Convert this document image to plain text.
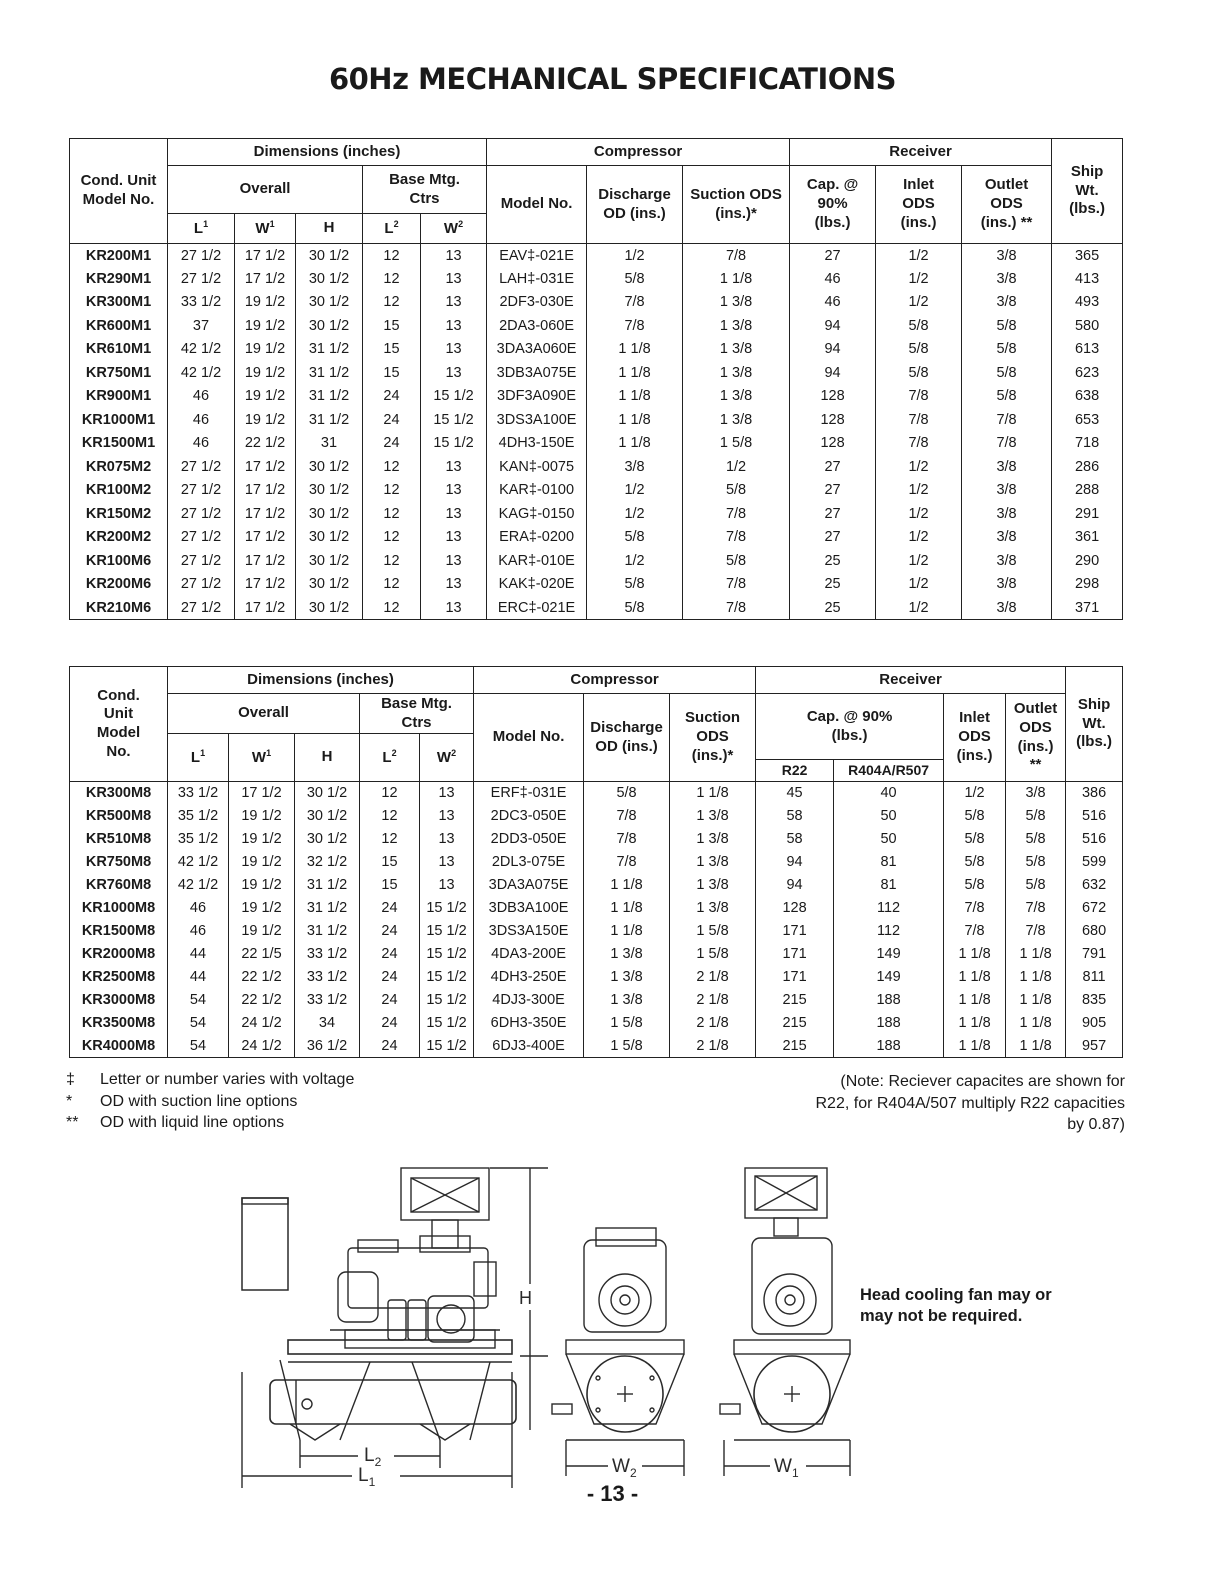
60Hz MECHANICAL SPECIFICATIONS
Cond. Unit Model No.	Dimensions (inches)					Compressor			Receiver			Ship Wt. (lbs.)
	Overall			Base Mtg. Ctrs		Model No.	Discharge OD (ins.)	Suction ODS (ins.)*	Cap. @ 90% (lbs.)	Inlet ODS (ins.)	Outlet ODS (ins.) **	
	$L^1$	$W^1$	H	$L^2$	$W^2$
KR200M1	27 1/2	17 1/2	30 1/2	12	13	EAV‡-021E	1/2	7/8	27	1/2	3/8	365
KR290M1	27 1/2	17 1/2	30 1/2	12	13	LAH‡-031E	5/8	1 1/8	46	1/2	3/8	413
KR300M1	33 1/2	19 1/2	30 1/2	12	13	2DF3-030E	7/8	1 3/8	46	1/2	3/8	493
KR600M1	37	19 1/2	30 1/2	15	13	2DA3-060E	7/8	1 3/8	94	5/8	5/8	580
KR610M1	42 1/2	19 1/2	31 1/2	15	13	3DA3A060E	1 1/8	1 3/8	94	5/8	5/8	613
KR750M1	42 1/2	19 1/2	31 1/2	15	13	3DB3A075E	1 1/8	1 3/8	94	5/8	5/8	623
KR900M1	46	19 1/2	31 1/2	24	15 1/2	3DF3A090E	1 1/8	1 3/8	128	7/8	5/8	638
KR1000M1	46	19 1/2	31 1/2	24	15 1/2	3DS3A100E	1 1/8	1 3/8	128	7/8	7/8	653
KR1500M1	46	22 1/2	31	24	15 1/2	4DH3-150E	1 1/8	1 5/8	128	7/8	7/8	718
KR075M2	27 1/2	17 1/2	30 1/2	12	13	KAN‡-0075	3/8	1/2	27	1/2	3/8	286
KR100M2	27 1/2	17 1/2	30 1/2	12	13	KAR‡-0100	1/2	5/8	27	1/2	3/8	288
KR150M2	27 1/2	17 1/2	30 1/2	12	13	KAG‡-0150	1/2	7/8	27	1/2	3/8	291
KR200M2	27 1/2	17 1/2	30 1/2	12	13	ERA‡-0200	5/8	7/8	27	1/2	3/8	361
KR100M6	27 1/2	17 1/2	30 1/2	12	13	KAR‡-010E	1/2	5/8	25	1/2	3/8	290
KR200M6	27 1/2	17 1/2	30 1/2	12	13	KAK‡-020E	5/8	7/8	25	1/2	3/8	298
KR210M6	27 1/2	17 1/2	30 1/2	12	13	ERC‡-021E	5/8	7/8	25	1/2	3/8	371
Cond. Unit Model No.	Dimensions (inches)					Compressor			Receiver				Ship Wt. (lbs.)
	Overall			Base Mtg. Ctrs		Model No.	Discharge OD (ins.)	Suction ODS (ins.)*	Cap. @ 90% (lbs.)		Inlet ODS (ins.)	Outlet ODS (ins.) **	
	$L^1$	$W^1$	H	$L^2$	$W^2$
									R22	R404A/R507			
KR300M8	33 1/2	17 1/2	30 1/2	12	13	ERF‡-031E	5/8	1 1/8	45	40	1/2	3/8	386
KR500M8	35 1/2	19 1/2	30 1/2	12	13	2DC3-050E	7/8	1 3/8	58	50	5/8	5/8	516
KR510M8	35 1/2	19 1/2	30 1/2	12	13	2DD3-050E	7/8	1 3/8	58	50	5/8	5/8	516
KR750M8	42 1/2	19 1/2	32 1/2	15	13	2DL3-075E	7/8	1 3/8	94	81	5/8	5/8	599
KR760M8	42 1/2	19 1/2	31 1/2	15	13	3DA3A075E	1 1/8	1 3/8	94	81	5/8	5/8	632
KR1000M8	46	19 1/2	31 1/2	24	15 1/2	3DB3A100E	1 1/8	1 3/8	128	112	7/8	7/8	672
KR1500M8	46	19 1/2	31 1/2	24	15 1/2	3DS3A150E	1 1/8	1 5/8	171	112	7/8	7/8	680
KR2000M8	44	22 1/5	33 1/2	24	15 1/2	4DA3-200E	1 3/8	1 5/8	171	149	1 1/8	1 1/8	791
KR2500M8	44	22 1/2	33 1/2	24	15 1/2	4DH3-250E	1 3/8	2 1/8	171	149	1 1/8	1 1/8	811
KR3000M8	54	22 1/2	33 1/2	24	15 1/2	4DJ3-300E	1 3/8	2 1/8	215	188	1 1/8	1 1/8	835
KR3500M8	54	24 1/2	34	24	15 1/2	6DH3-350E	1 5/8	2 1/8	215	188	1 1/8	1 1/8	905
KR4000M8	54	24 1/2	36 1/2	24	15 1/2	6DJ3-400E	1 5/8	2 1/8	215	188	1 1/8	1 1/8	957
‡ Letter or number varies with voltage
* OD with suction line options
** OD with liquid line options
(Note: Reciever capacites are shown for R22, for R404A/507 multiply R22 capacities by 0.87)
H
$L_2$
$L_1$
$W_2$	$W_1$
Head cooling fan may or may not be required.
- 13 -
